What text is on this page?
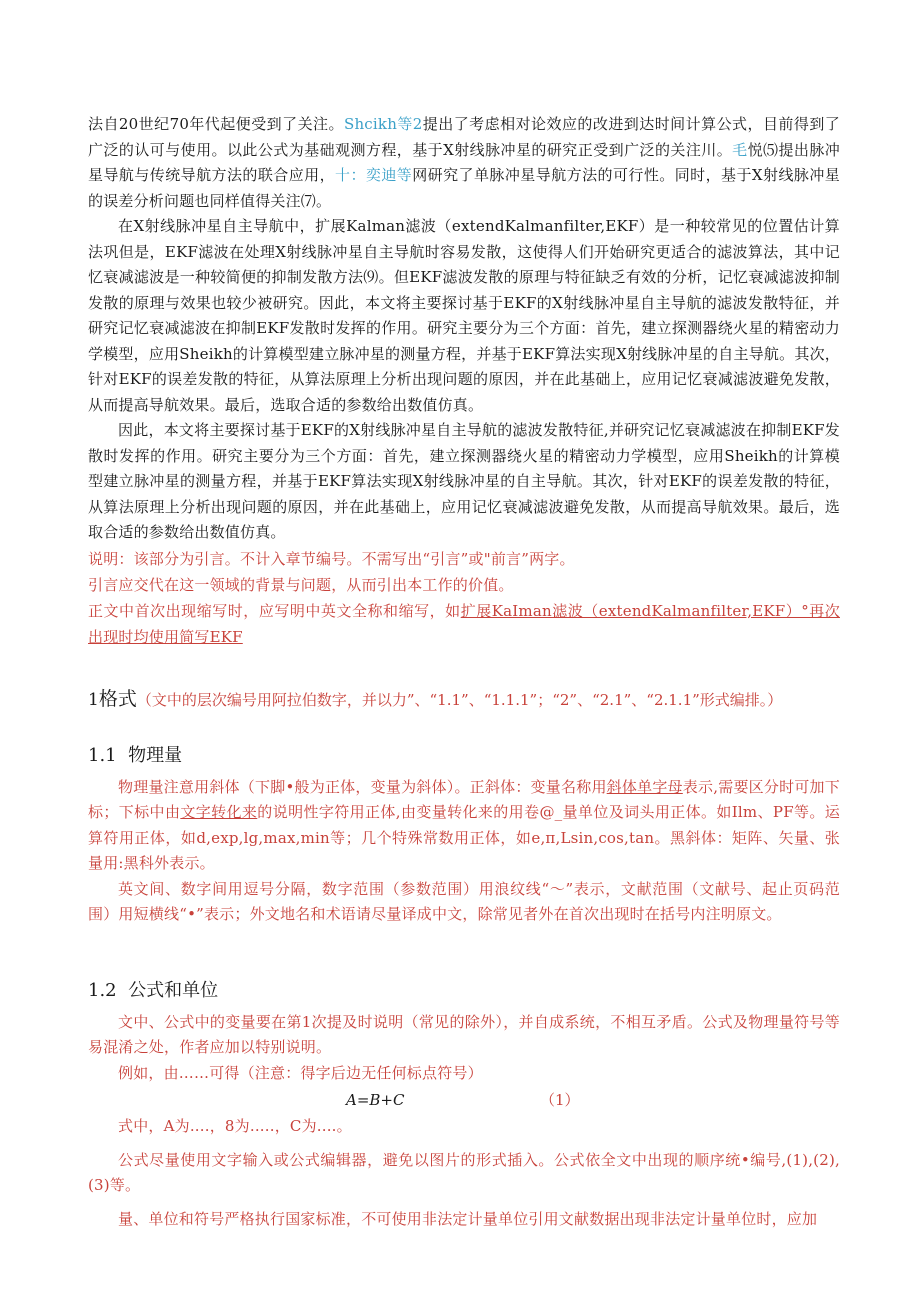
法自20世纪70年代起便受到了关注。Shcikh等2提出了考虑相对论效应的改进到达时间计算公式，目前得到了广泛的认可与使用。以此公式为基础观测方程，基于X射线脉冲星的研究正受到广泛的关注川。毛悦⑸提出脉冲星导航与传统导航方法的联合应用，十：奕迪等网研究了单脉冲星导航方法的可行性。同时，基于X射线脉冲星的误差分析问题也同样值得关注⑺。

在X射线脉冲星自主导航中，扩展Kalman滤波（extendKalmanfilter,EKF）是一种较常见的位置估计算法巩但是，EKF滤波在处理X射线脉冲星自主导航时容易发散，这使得人们开始研究更适合的滤波算法，其中记忆衰减滤波是一种较简便的抑制发散方法⑼。但EKF滤波发散的原理与特征缺乏有效的分析，记忆衰减滤波抑制发散的原理与效果也较少被研究。因此，本文将主要探讨基于EKF的X射线脉冲星自主导航的滤波发散特征，并研究记忆衰减滤波在抑制EKF发散时发挥的作用。研究主要分为三个方面：首先，建立探测器绕火星的精密动力学模型，应用Sheikh的计算模型建立脉冲星的测量方程，并基于EKF算法实现X射线脉冲星的自主导航。其次，针对EKF的误差发散的特征，从算法原理上分析出现问题的原因，并在此基础上，应用记忆衰减滤波避免发散，从而提高导航效果。最后，选取合适的参数给出数值仿真。

因此，本文将主要探讨基于EKF的X射线脉冲星自主导航的滤波发散特征,并研究记忆衰减滤波在抑制EKF发散时发挥的作用。研究主要分为三个方面：首先，建立探测器绕火星的精密动力学模型，应用Sheikh的计算模型建立脉冲星的测量方程，并基于EKF算法实现X射线脉冲星的自主导航。其次，针对EKF的误差发散的特征，从算法原理上分析出现问题的原因，并在此基础上，应用记忆衰减滤波避免发散，从而提高导航效果。最后，选取合适的参数给出数值仿真。

说明：该部分为引言。不计入章节编号。不需写出“引言”或"前言”两字。

引言应交代在这一领域的背景与问题，从而引出本工作的价值。

正文中首次出现缩写时，应写明中英文全称和缩写，如扩展KaIman滤波（extendKalmanfilter,EKF）°再次出现时均使用简写EKF

1格式（文中的层次编号用阿拉伯数字，并以力”、“1.1”、“1.1.1”；“2”、“2.1”、“2.1.1”形式编排。）
1.1 物理量

物理量注意用斜体（下脚•般为正体，变量为斜体）。正斜体：变量名称用斜体单字母表示,需要区分时可加下标；下标中由文字转化来的说明性字符用正体,由变量转化来的用卷@_量单位及词头用正体。如Ilm、PF等。运算符用正体，如d,exp,lg,max,min等；几个特殊常数用正体，如e,π,Lsin,cos,tan。黑斜体：矩阵、矢量、张量用:黑科外表示。

英文间、数字间用逗号分隔，数字范围（参数范围）用浪纹线“～”表示，文献范围（文献号、起止页码范围）用短横线“•”表示；外文地名和术语请尽量译成中文，除常见者外在首次出现时在括号内注明原文。

1.2 公式和单位

文中、公式中的变量要在第1次提及时说明（常见的除外），并自成系统，不相互矛盾。公式及物理量符号等易混淆之处，作者应加以特别说明。

例如，由……可得（注意：得字后边无任何标点符号）

A=B+C	（1）

式中，A为....，8为.....，C为....。

公式尽量使用文字输入或公式编辑器，避免以图片的形式插入。公式依全文中出现的顺序统•编号,(1),(2),(3)等。

量、单位和符号严格执行国家标准，不可使用非法定计量单位引用文献数据出现非法定计量单位时，应加
